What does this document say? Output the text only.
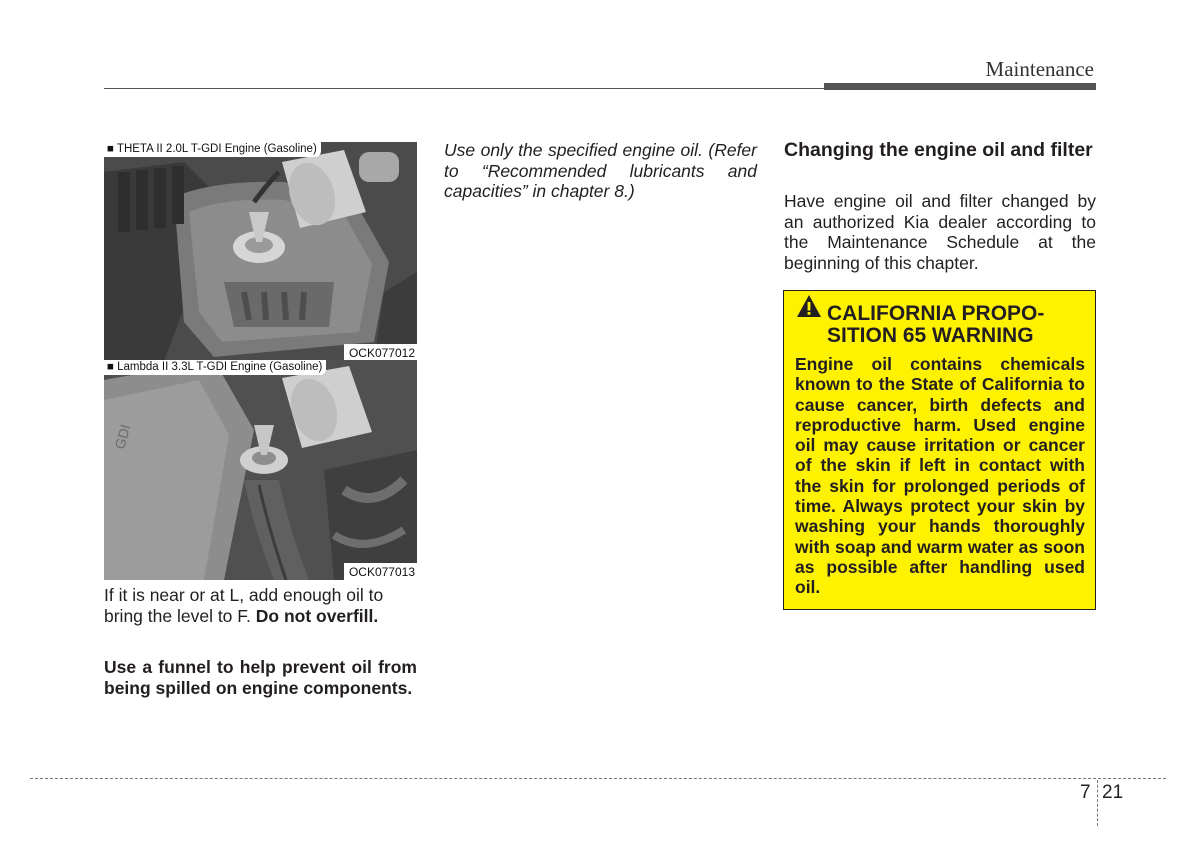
Maintenance
■ THETA II 2.0L T-GDI Engine (Gasoline)
OCK077012
GDI
■ Lambda II 3.3L T-GDI Engine (Gasoline)
OCK077013
If it is near or at L, add enough oil to bring the level to F. Do not overfill.
Use a funnel to help prevent oil from being spilled on engine components.
Use only the specified engine oil. (Refer to “Recommended lubricants and capacities” in chapter 8.)
Changing the engine oil and filter
Have engine oil and filter changed by an authorized Kia dealer according to the Maintenance Schedule at the beginning of this chapter.
CALIFORNIA PROPO-
SITION 65 WARNING
Engine oil contains chemicals known to the State of California to cause cancer, birth defects and reproductive harm. Used engine oil may cause irritation or cancer of the skin if left in contact with the skin for prolonged periods of time. Always protect your skin by washing your hands thoroughly with soap and warm water as soon as possible after handling used oil.
7 21
